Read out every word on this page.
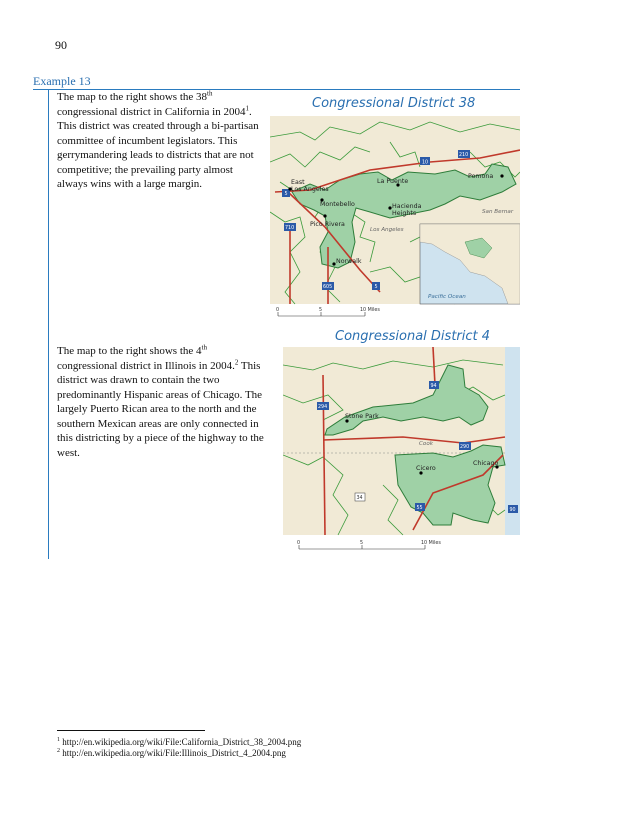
90
Example 13
The map to the right shows the 38th congressional district in California in 2004$^1$. This district was created through a bi-partisan committee of incumbent legislators. This gerrymandering leads to districts that are not competitive; the prevailing party almost always wins with a large margin.
The map to the right shows the 4th congressional district in Illinois in 2004.$^2$ This district was drawn to contain the two predominantly Hispanic areas of Chicago. The largely Puerto Rican area to the north and the southern Mexican areas are only connected in this districting by a piece of the highway to the west.
Congressional District 38
10
5
710
605	5
210
East
Los Angeles
Montebello
Pico Rivera
La Puente
Hacienda
Heights
Pomona
Norwalk
Los Angeles
San Bernar
Pacific Ocean
0	5	10 Miles
Congressional District 4
94
294
290
34
55	90
Stone Park
Cook
Cicero
Chicago
0	5	10 Miles
$^1$ http://en.wikipedia.org/wiki/File:California_District_38_2004.png
$^2$ http://en.wikipedia.org/wiki/File:Illinois_District_4_2004.png
